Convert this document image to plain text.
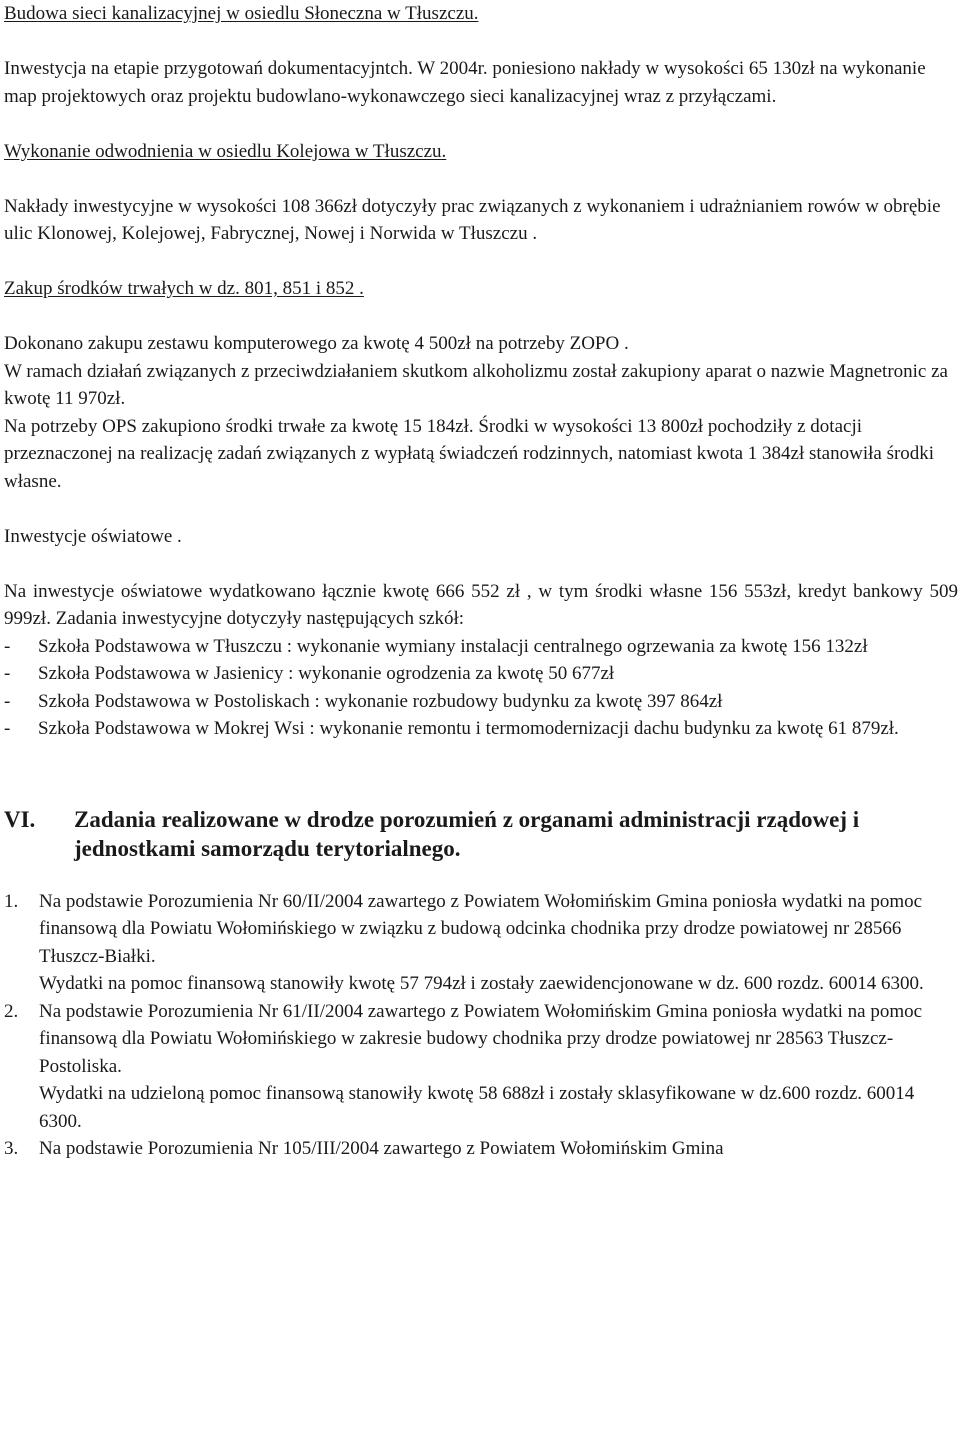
Budowa sieci kanalizacyjnej w osiedlu Słoneczna w Tłuszczu.

Inwestycja na etapie przygotowań dokumentacyjntch. W 2004r. poniesiono nakłady w wysokości 65 130zł na wykonanie map projektowych oraz projektu budowlano-wykonawczego sieci kanalizacyjnej wraz z przyłączami.

Wykonanie odwodnienia w osiedlu Kolejowa w Tłuszczu.

Nakłady inwestycyjne w wysokości 108 366zł dotyczyły prac związanych z wykonaniem i udrażnianiem rowów w obrębie ulic Klonowej, Kolejowej, Fabrycznej, Nowej i Norwida w Tłuszczu .

Zakup środków trwałych w dz. 801, 851 i 852 .

Dokonano zakupu zestawu komputerowego za kwotę 4 500zł na potrzeby ZOPO .

W ramach działań związanych z przeciwdziałaniem skutkom alkoholizmu został zakupiony aparat o nazwie Magnetronic za kwotę 11 970zł.

Na potrzeby OPS zakupiono środki trwałe za kwotę 15 184zł. Środki w wysokości 13 800zł pochodziły z dotacji przeznaczonej na realizację zadań związanych z wypłatą świadczeń rodzinnych, natomiast kwota 1 384zł stanowiła środki własne.

Inwestycje oświatowe .

Na inwestycje oświatowe wydatkowano łącznie kwotę 666 552 zł , w tym środki własne 156 553zł, kredyt bankowy 509 999zł. Zadania inwestycyjne dotyczyły następujących szkół:

-	Szkoła Podstawowa w Tłuszczu : wykonanie wymiany instalacji centralnego ogrzewania za kwotę 156 132zł
-	Szkoła Podstawowa w Jasienicy : wykonanie ogrodzenia za kwotę 50 677zł
-	Szkoła Podstawowa w Postoliskach : wykonanie rozbudowy budynku za kwotę 397 864zł
-	Szkoła Podstawowa w Mokrej Wsi : wykonanie remontu i termomodernizacji dachu budynku za kwotę 61 879zł.
VI.	Zadania realizowane w drodze porozumień z organami administracji rządowej i jednostkami samorządu terytorialnego.
1.	Na podstawie Porozumienia Nr 60/II/2004 zawartego z Powiatem Wołomińskim Gmina poniosła wydatki na pomoc finansową dla Powiatu Wołomińskiego w związku z budową odcinka chodnika przy drodze powiatowej nr 28566 Tłuszcz-Białki.

Wydatki na pomoc finansową stanowiły kwotę 57 794zł i zostały zaewidencjonowane w dz. 600 rozdz. 60014 6300.

2.	Na podstawie Porozumienia Nr 61/II/2004 zawartego z Powiatem Wołomińskim Gmina poniosła wydatki na pomoc finansową dla Powiatu Wołomińskiego w zakresie budowy chodnika przy drodze powiatowej nr 28563 Tłuszcz-Postoliska.

Wydatki na udzieloną pomoc finansową stanowiły kwotę 58 688zł i zostały sklasyfikowane w dz.600 rozdz. 60014 6300.

3.	Na podstawie Porozumienia Nr 105/III/2004 zawartego z Powiatem Wołomińskim Gmina
